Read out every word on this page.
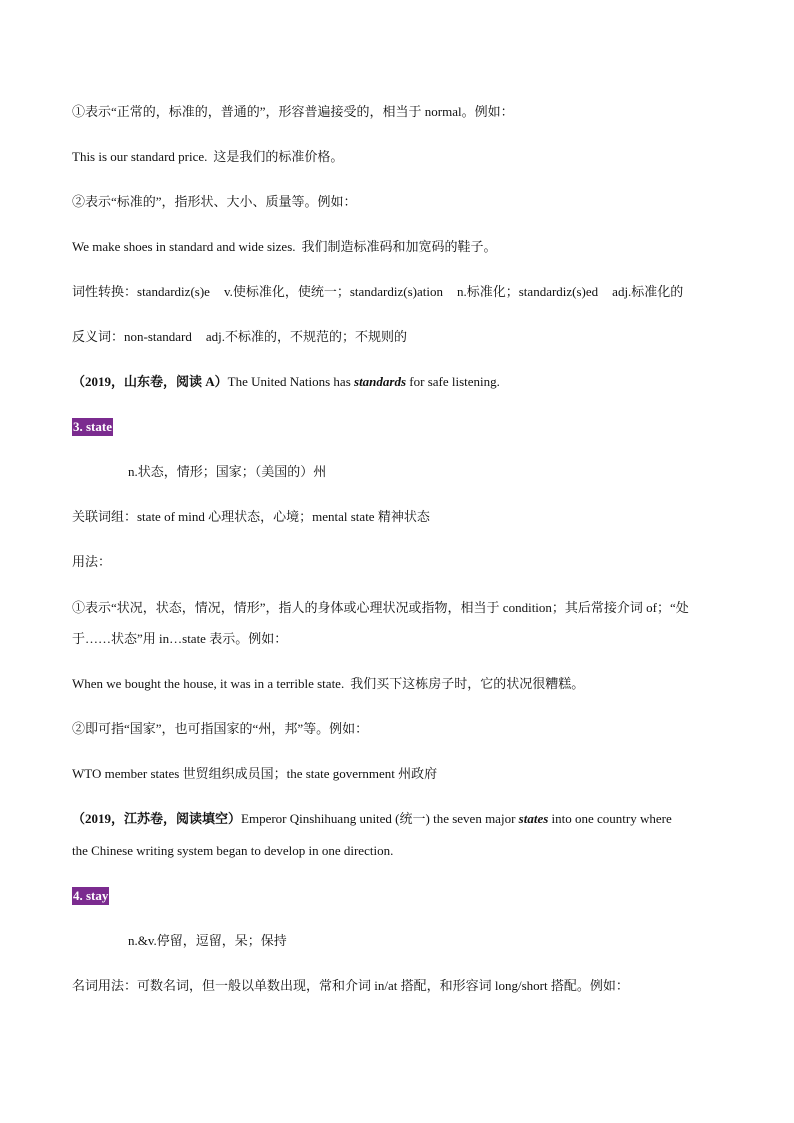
①表示“正常的，标准的，普通的”，形容普遍接受的，相当于 normal。例如：
This is our standard price. 这是我们的标准价格。
②表示“标准的”，指形状、大小、质量等。例如：
We make shoes in standard and wide sizes. 我们制造标准码和加宽码的鞋子。
词性转换：standardiz(s)e v.使标准化，使统一；standardiz(s)ation n.标准化；standardiz(s)ed adj.标准化的
反义词：non-standard adj.不标准的，不规范的；不规则的
（2019，山东卷，阅读 A）The United Nations has standards for safe listening.
3. state
n.状态，情形；国家；（美国的）州
关联词组：state of mind 心理状态，心境；mental state 精神状态
用法：
①表示“状况，状态，情况，情形”，指人的身体或心理状况或指物，相当于 condition；其后常接介词 of；“处
于……状态”用 in…state 表示。例如：
When we bought the house, it was in a terrible state. 我们买下这栋房子时，它的状况很糟糕。
②即可指“国家”，也可指国家的“州，邦”等。例如：
WTO member states 世贸组织成员国；the state government 州政府
（2019，江苏卷，阅读填空）Emperor Qinshihuang united (统一) the seven major states into one country where
the Chinese writing system began to develop in one direction.
4. stay
n.&v.停留，逗留，呆；保持
名词用法：可数名词，但一般以单数出现，常和介词 in/at 搭配，和形容词 long/short 搭配。例如：
